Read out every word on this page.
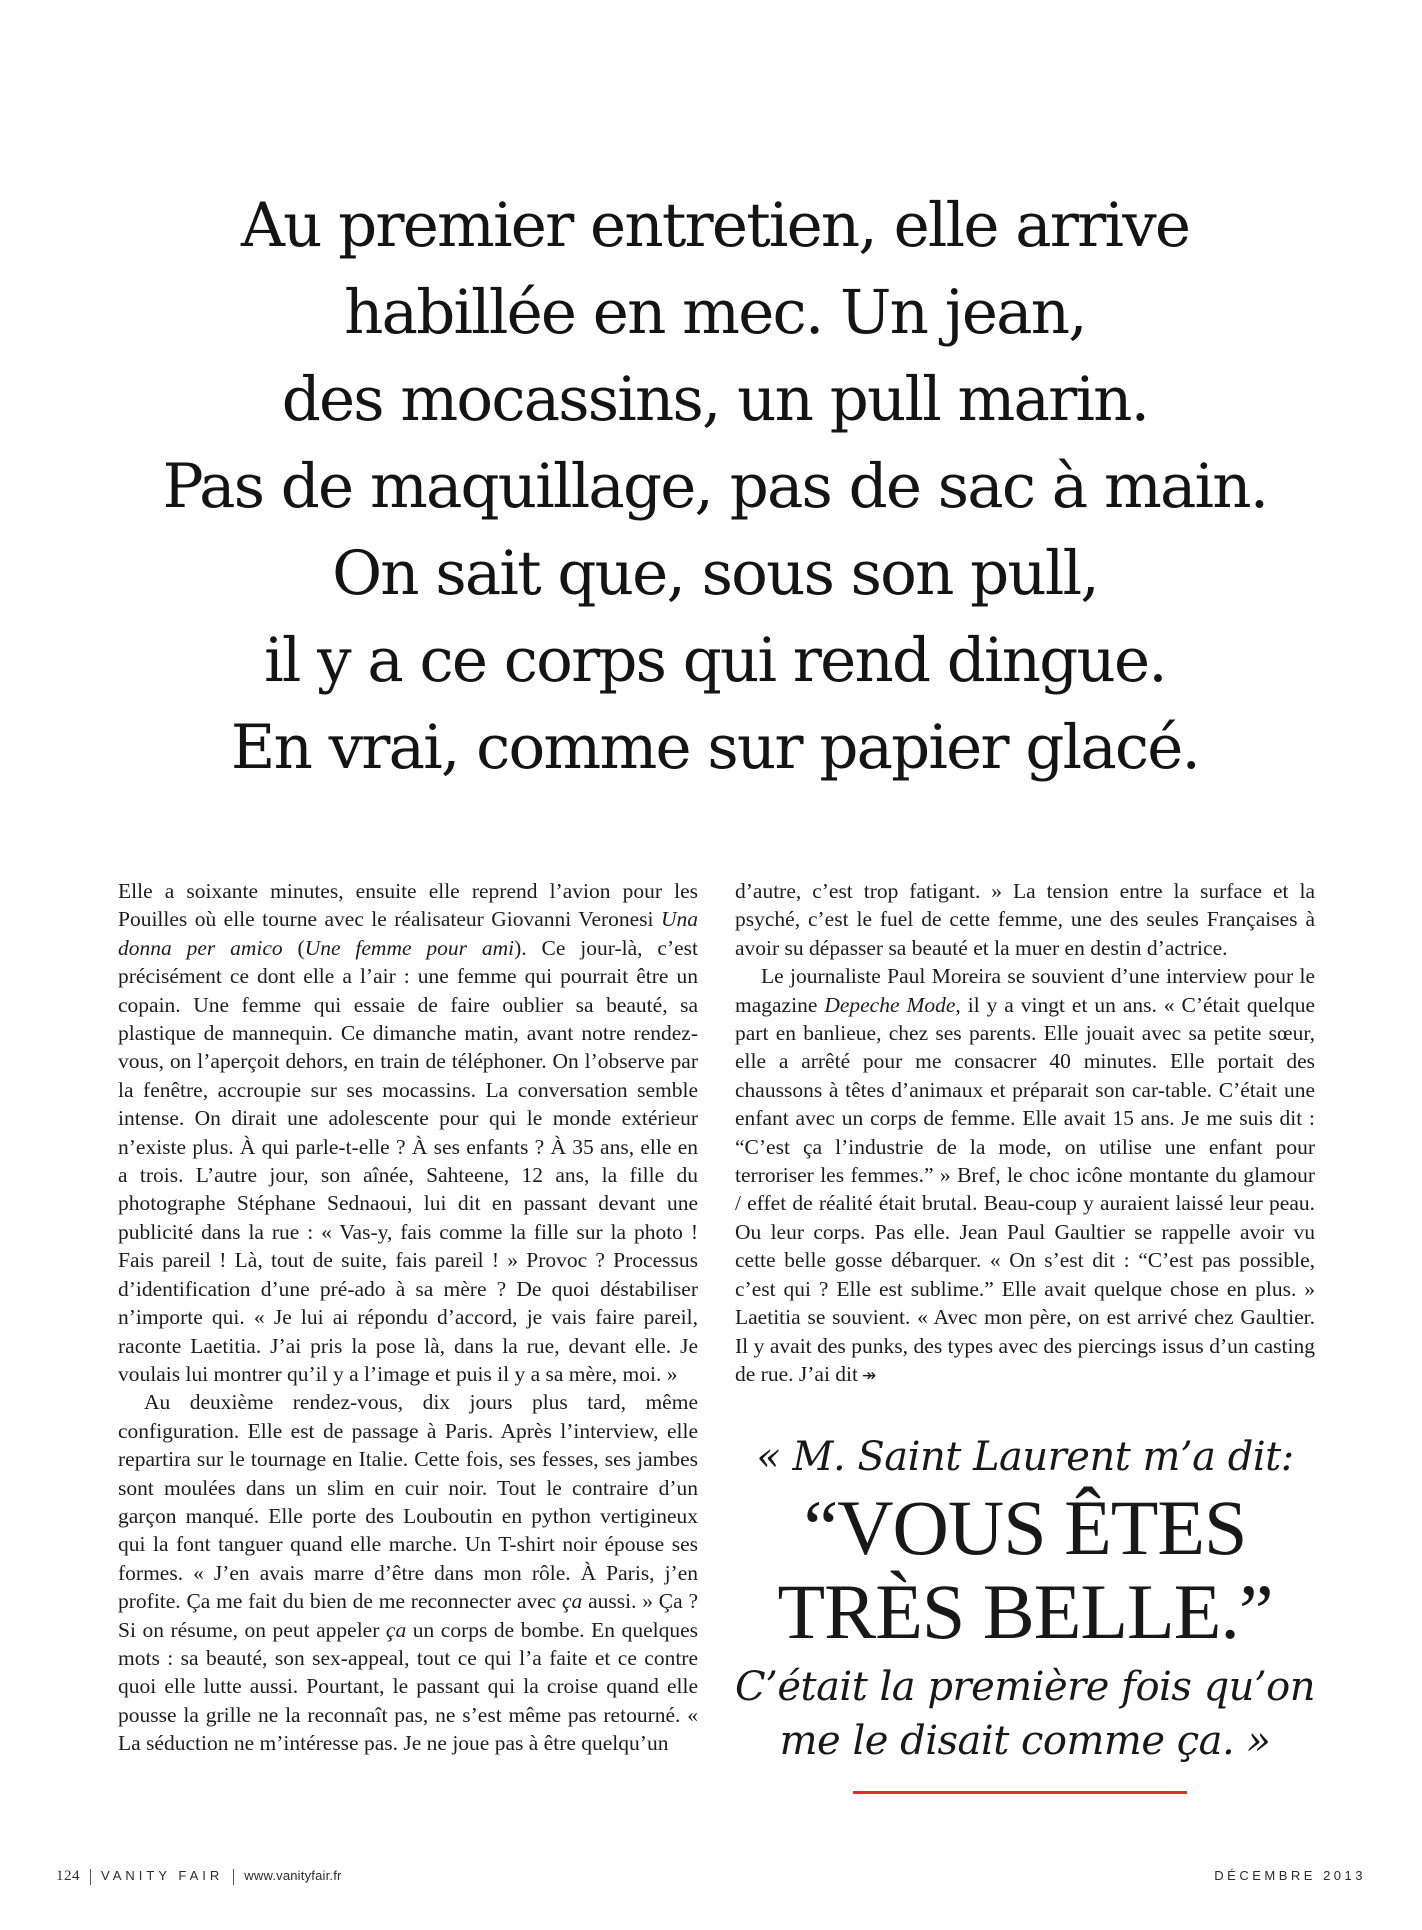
Au premier entretien, elle arrive
habillée en mec. Un jean,
des mocassins, un pull marin.
Pas de maquillage, pas de sac à main.
On sait que, sous son pull,
il y a ce corps qui rend dingue.
En vrai, comme sur papier glacé.

Elle a soixante minutes, ensuite elle reprend l’avion pour les Pouilles où elle tourne avec le réalisateur Giovanni Veronesi Una donna per amico (Une femme pour ami). Ce jour-là, c’est précisément ce dont elle a l’air : une femme qui pourrait être un copain. Une femme qui essaie de faire oublier sa beauté, sa plastique de mannequin. Ce dimanche matin, avant notre rendez-vous, on l’aperçoit dehors, en train de téléphoner. On l’observe par la fenêtre, accroupie sur ses mocassins. La conversation semble intense. On dirait une adolescente pour qui le monde extérieur n’existe plus. À qui parle-t-elle ? À ses enfants ? À 35 ans, elle en a trois. L’autre jour, son aînée, Sahteene, 12 ans, la fille du photographe Stéphane Sednaoui, lui dit en passant devant une publicité dans la rue : « Vas-y, fais comme la fille sur la photo ! Fais pareil ! Là, tout de suite, fais pareil ! » Provoc ? Processus d’identification d’une pré-ado à sa mère ? De quoi déstabiliser n’importe qui. « Je lui ai répondu d’accord, je vais faire pareil, raconte Laetitia. J’ai pris la pose là, dans la rue, devant elle. Je voulais lui montrer qu’il y a l’image et puis il y a sa mère, moi. »

Au deuxième rendez-vous, dix jours plus tard, même configuration. Elle est de passage à Paris. Après l’interview, elle repartira sur le tournage en Italie. Cette fois, ses fesses, ses jambes sont moulées dans un slim en cuir noir. Tout le contraire d’un garçon manqué. Elle porte des Louboutin en python vertigineux qui la font tanguer quand elle marche. Un T-shirt noir épouse ses formes. « J’en avais marre d’être dans mon rôle. À Paris, j’en profite. Ça me fait du bien de me reconnecter avec ça aussi. » Ça ? Si on résume, on peut appeler ça un corps de bombe. En quelques mots : sa beauté, son sex-appeal, tout ce qui l’a faite et ce contre quoi elle lutte aussi. Pourtant, le passant qui la croise quand elle pousse la grille ne la reconnaît pas, ne s’est même pas retourné. « La séduction ne m’intéresse pas. Je ne joue pas à être quelqu’un

d’autre, c’est trop fatigant. » La tension entre la surface et la psyché, c’est le fuel de cette femme, une des seules Françaises à avoir su dépasser sa beauté et la muer en destin d’actrice.

Le journaliste Paul Moreira se souvient d’une interview pour le magazine Depeche Mode, il y a vingt et un ans. « C’était quelque part en banlieue, chez ses parents. Elle jouait avec sa petite sœur, elle a arrêté pour me consacrer 40 minutes. Elle portait des chaussons à têtes d’animaux et préparait son car-table. C’était une enfant avec un corps de femme. Elle avait 15 ans. Je me suis dit : “C’est ça l’industrie de la mode, on utilise une enfant pour terroriser les femmes.” » Bref, le choc icône montante du glamour / effet de réalité était brutal. Beau-coup y auraient laissé leur peau. Ou leur corps. Pas elle. Jean Paul Gaultier se rappelle avoir vu cette belle gosse débarquer. « On s’est dit : “C’est pas possible, c’est qui ? Elle est sublime.” Elle avait quelque chose en plus. » Laetitia se souvient. « Avec mon père, on est arrivé chez Gaultier. Il y avait des punks, des types avec des piercings issus d’un casting de rue. J’ai dit ↠

« M. Saint Laurent m’a dit:
“VOUS ÊTES
TRÈS BELLE.”
C’était la première fois qu’on
me le disait comme ça. »
124 VANITY FAIR www.vanityfair.fr	DÉCEMBRE 2013
